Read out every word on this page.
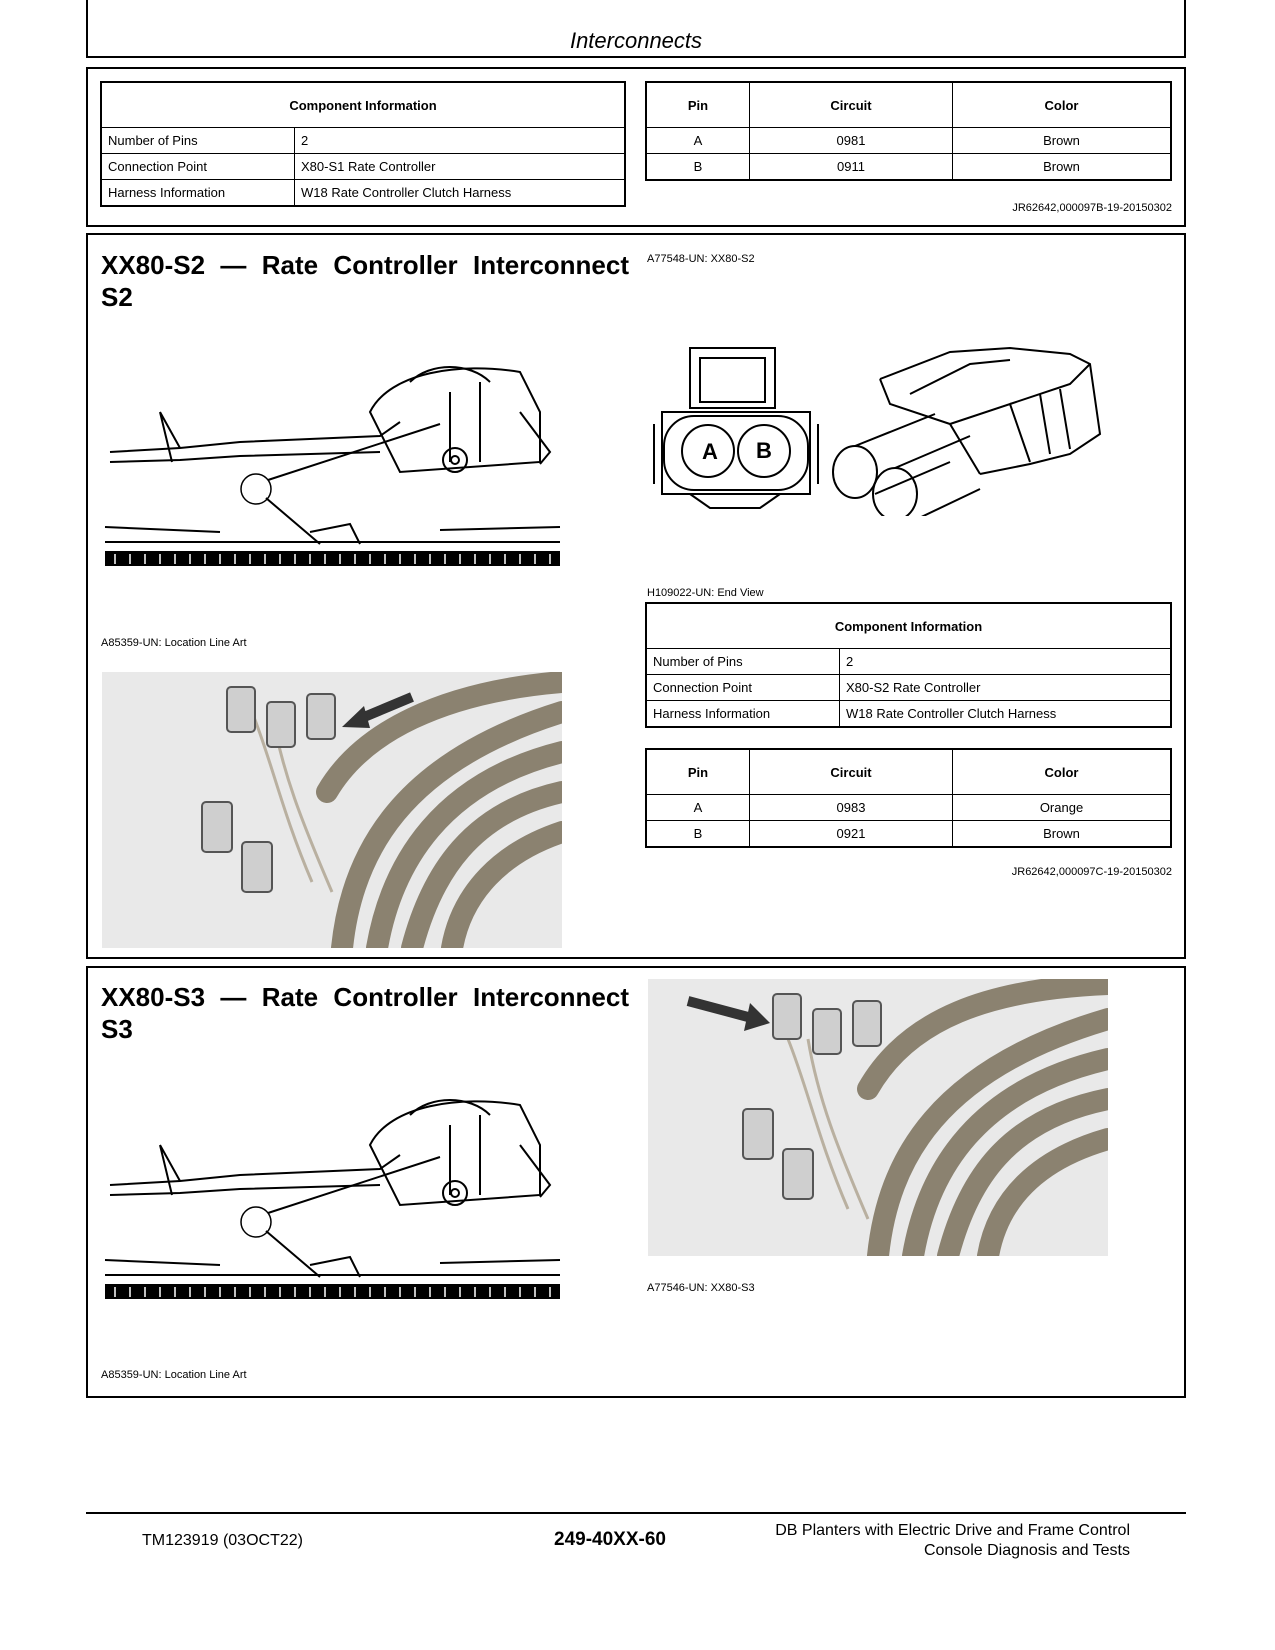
Interconnects
Component Information	
Number of Pins	2
Connection Point	X80-S1 Rate Controller
Harness Information	W18 Rate Controller Clutch Harness
Pin	Circuit	Color
A	0981	Brown
B	0911	Brown
JR62642,000097B-19-20150302
XX80-S2 — Rate Controller Interconnect S2
A77548-UN: XX80-S2
A85359-UN: Location Line Art
A B
H109022-UN: End View
Component Information	
Number of Pins	2
Connection Point	X80-S2 Rate Controller
Harness Information	W18 Rate Controller Clutch Harness
Pin	Circuit	Color
A	0983	Orange
B	0921	Brown
JR62642,000097C-19-20150302
XX80-S3 — Rate Controller Interconnect S3
A85359-UN: Location Line Art
A77546-UN: XX80-S3
TM123919 (03OCT22)	249-40XX-60	DB Planters with Electric Drive and Frame Control
Console Diagnosis and Tests
